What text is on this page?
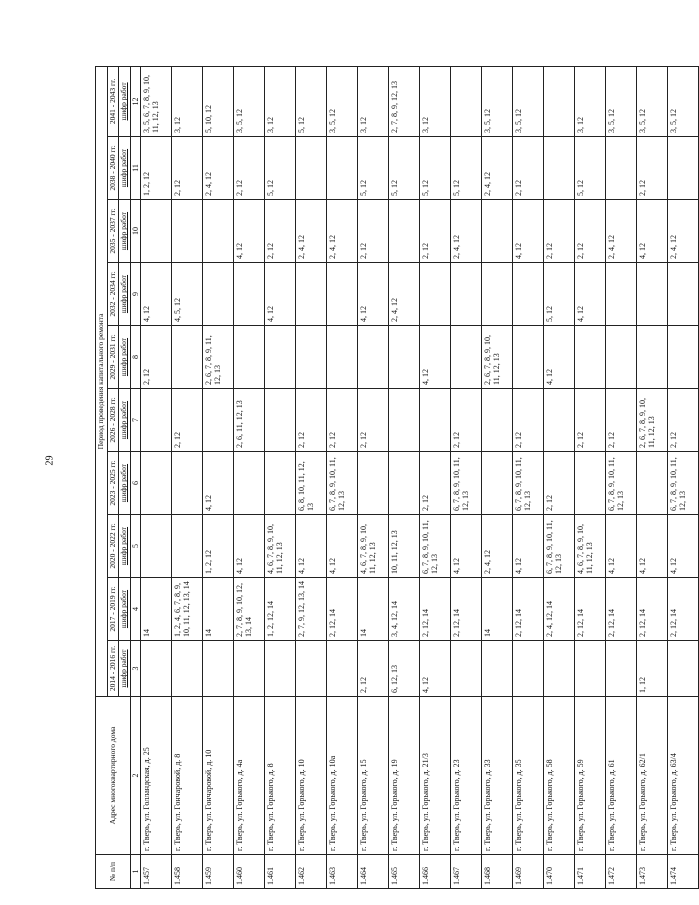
29
№ п/п	Адрес многоквартирного дома	Период проведения капитального ремонта									
		2014 - 2016 гг.	2017 - 2019 гг.	2020 - 2022 гг.	2023 - 2025 гг.	2026 - 2028 гг.	2029 - 2031 гг.	2032 - 2034 гг.	2035 - 2037 гг.	2038 - 2040 гг.	2041 - 2043 гг.
		шифр работ	шифр работ	шифр работ	шифр работ	шифр работ	шифр работ	шифр работ	шифр работ	шифр работ	шифр работ
1	2	3	4	5	6	7	8	9	10	11	12
1.457	г. Тверь, ул. Голландская, д. 25		14				2, 12	4, 12		1, 2, 12	3, 5, 6, 7, 8, 9, 10, 11, 12, 13
1.458	г. Тверь, ул. Гончаровой, д. 8		1, 2, 4, 6, 7, 8, 9, 10, 11, 12, 13, 14			2, 12		4, 5, 12		2, 12	3, 12
1.459	г. Тверь, ул. Гончаровой, д. 10		14	1, 2, 12	4, 12		2, 6, 7, 8, 9, 11, 12, 13			2, 4, 12	5, 10, 12
1.460	г. Тверь, ул. Горького, д. 4а		2, 7, 8, 9, 10, 12, 13, 14	4, 12		2, 6, 11, 12, 13			4, 12	2, 12	3, 5, 12
1.461	г. Тверь, ул. Горького, д. 8		1, 2, 12, 14	4, 6, 7, 8, 9, 10, 11, 12, 13				4, 12	2, 12	5, 12	3, 12
1.462	г. Тверь, ул. Горького, д. 10		2, 7, 9, 12, 13, 14	4, 12	6, 8, 10, 11, 12, 13	2, 12			2, 4, 12		5, 12
1.463	г. Тверь, ул. Горького, д. 10а		2, 12, 14	4, 12	6, 7, 8, 9, 10, 11, 12, 13	2, 12			2, 4, 12		3, 5, 12
1.464	г. Тверь, ул. Горького, д. 15	2, 12	14	4, 6, 7, 8, 9, 10, 11, 12, 13		2, 12		4, 12	2, 12	5, 12	3, 12
1.465	г. Тверь, ул. Горького, д. 19	6, 12, 13	3, 4, 12, 14	10, 11, 12, 13				2, 4, 12		5, 12	2, 7, 8, 9, 12, 13
1.466	г. Тверь, ул. Горького, д. 21/3	4, 12	2, 12, 14	6, 7, 8, 9, 10, 11, 12, 13	2, 12		4, 12		2, 12	5, 12	3, 12
1.467	г. Тверь, ул. Горького, д. 23		2, 12, 14	4, 12	6, 7, 8, 9, 10, 11, 12, 13	2, 12			2, 4, 12	5, 12	
1.468	г. Тверь, ул. Горького, д. 33		14	2, 4, 12			2, 6, 7, 8, 9, 10, 11, 12, 13			2, 4, 12	3, 5, 12
1.469	г. Тверь, ул. Горького, д. 35		2, 12, 14	4, 12	6, 7, 8, 9, 10, 11, 12, 13	2, 12			4, 12	2, 12	3, 5, 12
1.470	г. Тверь, ул. Горького, д. 58		2, 4, 12, 14	6, 7, 8, 9, 10, 11, 12, 13	2, 12		4, 12	5, 12	2, 12		
1.471	г. Тверь, ул. Горького, д. 59		2, 12, 14	4, 6, 7, 8, 9, 10, 11, 12, 13		2, 12		4, 12	2, 12	5, 12	3, 12
1.472	г. Тверь, ул. Горького, д. 61		2, 12, 14	4, 12	6, 7, 8, 9, 10, 11, 12, 13	2, 12			2, 4, 12		3, 5, 12
1.473	г. Тверь, ул. Горького, д. 62/1	1, 12	2, 12, 14	4, 12		2, 6, 7, 8, 9, 10, 11, 12, 13			4, 12	2, 12	3, 5, 12
1.474	г. Тверь, ул. Горького, д. 63/4		2, 12, 14	4, 12	6, 7, 8, 9, 10, 11, 12, 13	2, 12			2, 4, 12		3, 5, 12
